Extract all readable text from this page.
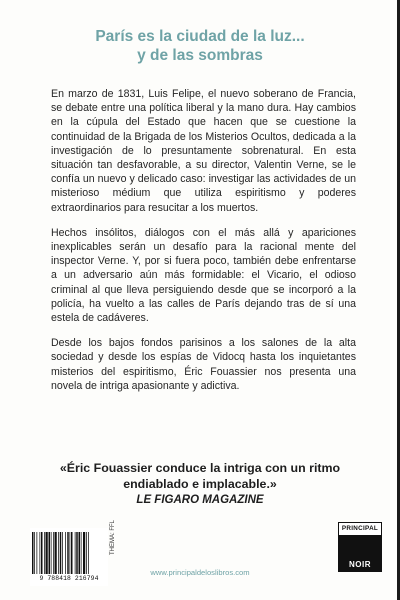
París es la ciudad de la luz...
y de las sombras

En marzo de 1831, Luis Felipe, el nuevo soberano de Francia, se debate entre una política liberal y la mano dura. Hay cambios en la cúpula del Estado que hacen que se cuestione la continuidad de la Brigada de los Misterios Ocultos, dedicada a la investigación de lo presuntamente sobrenatural. En esta situación tan desfavorable, a su director, Valentin Verne, se le confía un nuevo y delicado caso: investigar las actividades de un misterioso médium que utiliza espiritismo y poderes extraordinarios para resucitar a los muertos.

Hechos insólitos, diálogos con el más allá y apariciones inexplicables serán un desafío para la racional mente del inspector Verne. Y, por si fuera poco, también debe enfrentarse a un adversario aún más formidable: el Vicario, el odioso criminal al que lleva persiguiendo desde que se incorporó a la policía, ha vuelto a las calles de París dejando tras de sí una estela de cadáveres.

Desde los bajos fondos parisinos a los salones de la alta sociedad y desde los espías de Vidocq hasta los inquietantes misterios del espiritismo, Éric Fouassier nos presenta una novela de intriga apasionante y adictiva.

«Éric Fouassier conduce la intriga con un ritmo
endiablado e implacable.»
LE FIGARO MAGAZINE
9 788418 216794
THEMA: FFL
www.principaldeloslibros.com
PRINCIPAL
NOIR
